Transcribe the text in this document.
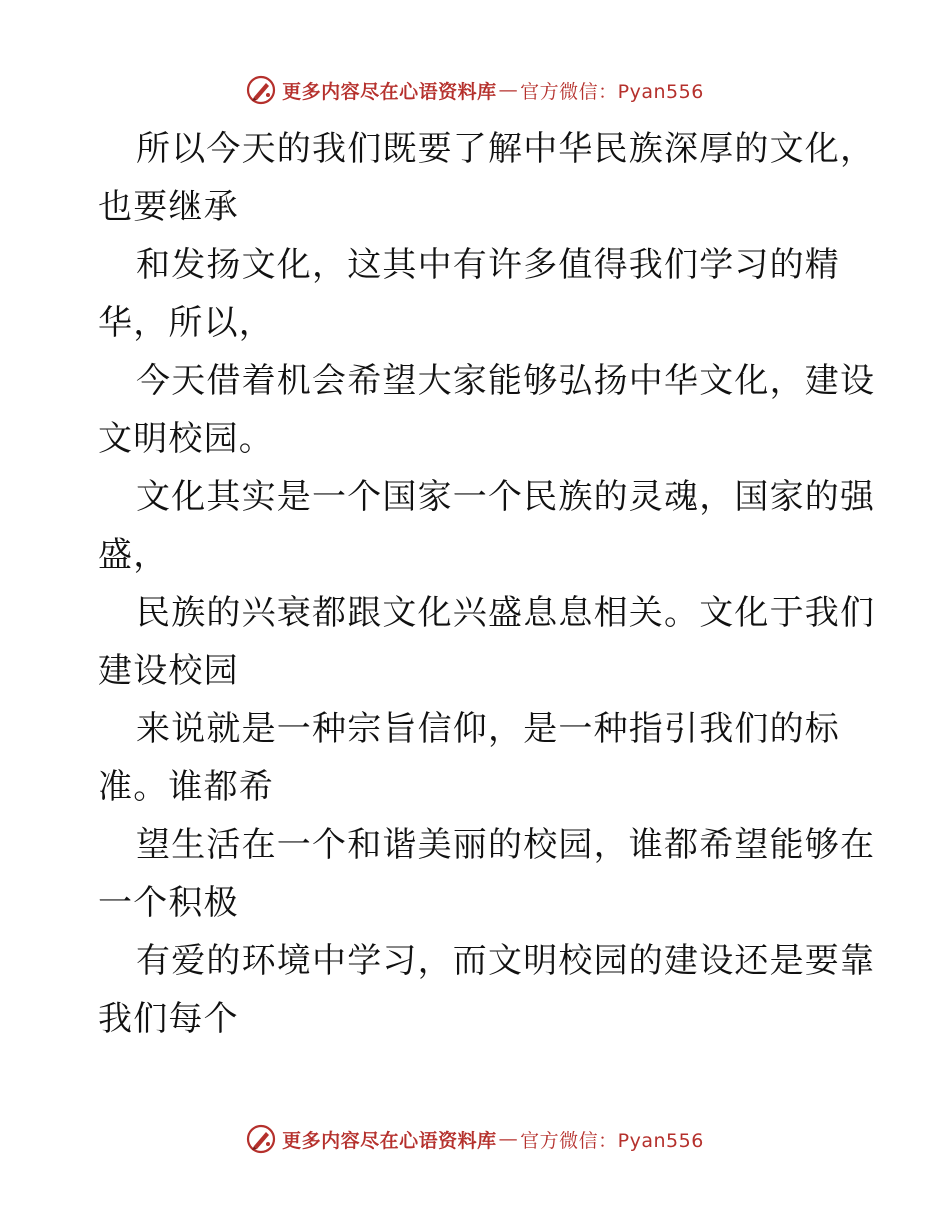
更多内容尽在心语资料库 — 官方微信：Pyan556
所以今天的我们既要了解中华民族深厚的文化，
也要继承
和发扬文化，这其中有许多值得我们学习的精
华，所以，
今天借着机会希望大家能够弘扬中华文化，建设
文明校园。
文化其实是一个国家一个民族的灵魂，国家的强
盛，
民族的兴衰都跟文化兴盛息息相关。文化于我们
建设校园
来说就是一种宗旨信仰，是一种指引我们的标
准。谁都希
望生活在一个和谐美丽的校园，谁都希望能够在
一个积极
有爱的环境中学习，而文明校园的建设还是要靠
我们每个
更多内容尽在心语资料库 — 官方微信：Pyan556
